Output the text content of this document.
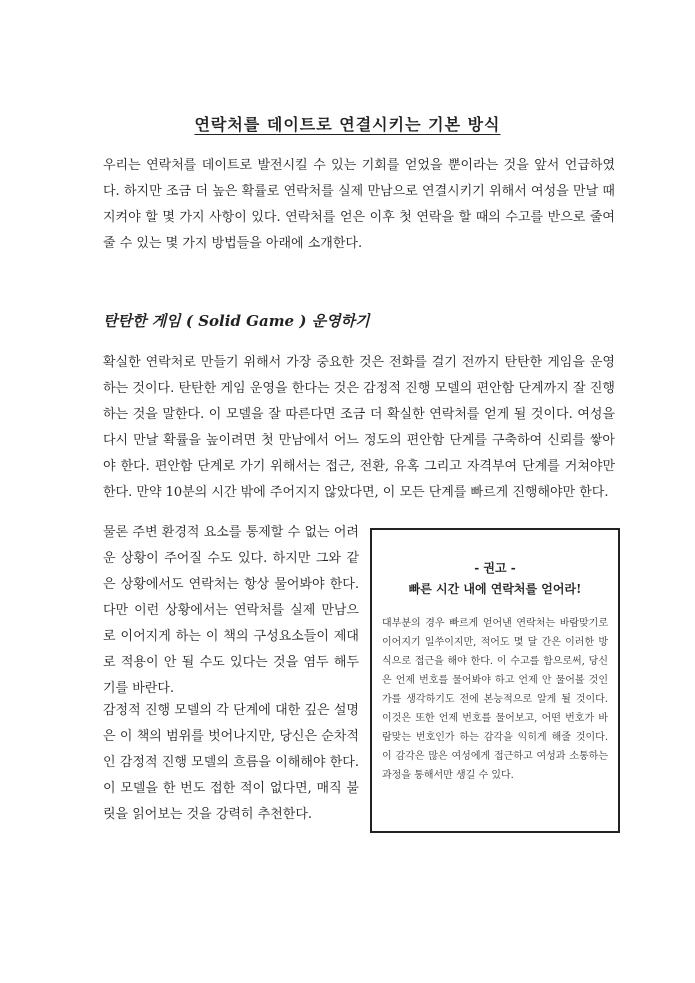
연락처를 데이트로 연결시키는 기본 방식

우리는 연락처를 데이트로 발전시킬 수 있는 기회를 얻었을 뿐이라는 것을 앞서 언급하였다. 하지만 조금 더 높은 확률로 연락처를 실제 만남으로 연결시키기 위해서 여성을 만날 때 지켜야 할 몇 가지 사항이 있다. 연락처를 얻은 이후 첫 연락을 할 때의 수고를 반으로 줄여줄 수 있는 몇 가지 방법들을 아래에 소개한다.

탄탄한 게임 ( Solid Game ) 운영하기

확실한 연락처로 만들기 위해서 가장 중요한 것은 전화를 걸기 전까지 탄탄한 게임을 운영하는 것이다. 탄탄한 게임 운영을 한다는 것은 감정적 진행 모델의 편안함 단계까지 잘 진행하는 것을 말한다. 이 모델을 잘 따른다면 조금 더 확실한 연락처를 얻게 될 것이다. 여성을 다시 만날 확률을 높이려면 첫 만남에서 어느 정도의 편안함 단계를 구축하여 신뢰를 쌓아야 한다. 편안함 단계로 가기 위해서는 접근, 전환, 유혹 그리고 자격부여 단계를 거쳐야만 한다. 만약 10분의 시간 밖에 주어지지 않았다면, 이 모든 단계를 빠르게 진행해야만 한다.

물론 주변 환경적 요소를 통제할 수 없는 어려운 상황이 주어질 수도 있다. 하지만 그와 같은 상황에서도 연락처는 항상 물어봐야 한다. 다만 이런 상황에서는 연락처를 실제 만남으로 이어지게 하는 이 책의 구성요소들이 제대로 적용이 안 될 수도 있다는 것을 염두 해두기를 바란다.

감정적 진행 모델의 각 단계에 대한 깊은 설명은 이 책의 범위를 벗어나지만, 당신은 순차적인 감정적 진행 모델의 흐름을 이해해야 한다. 이 모델을 한 번도 접한 적이 없다면, 매직 불릿을 읽어보는 것을 강력히 추천한다.

- 권고 -
빠른 시간 내에 연락처를 얻어라!
대부분의 경우 빠르게 얻어낸 연락처는 바람맞기로 이어지기 일쑤이지만, 적어도 몇 달 간은 이러한 방식으로 접근을 해야 한다. 이 수고를 함으로써, 당신은 언제 번호를 물어봐야 하고 언제 안 물어볼 것인가를 생각하기도 전에 본능적으로 알게 될 것이다. 이것은 또한 언제 번호를 물어보고, 어떤 번호가 바람맞는 번호인가 하는 감각을 익히게 해줄 것이다. 이 감각은 많은 여성에게 접근하고 여성과 소통하는 과정을 통해서만 생길 수 있다.
